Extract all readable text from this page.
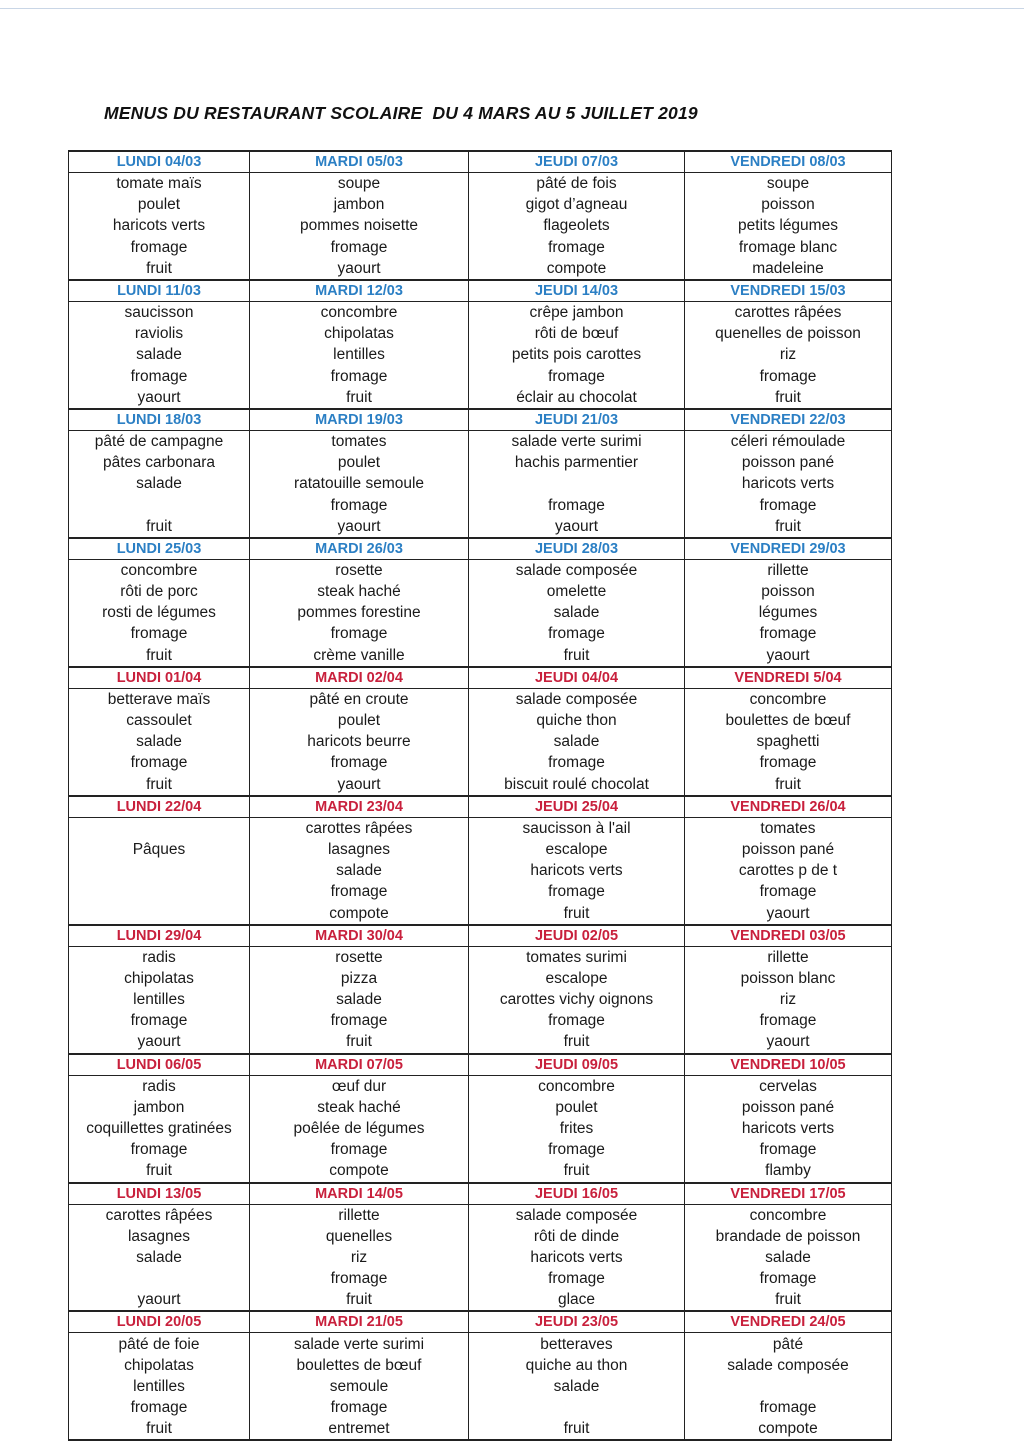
MENUS DU RESTAURANT SCOLAIRE  DU 4 MARS AU 5 JUILLET 2019
LUNDI 04/03	MARDI 05/03	JEUDI 07/03	VENDREDI 08/03
tomate maïs	soupe	pâté de fois	soupe
poulet	jambon	gigot d’agneau	poisson
haricots verts	pommes noisette	flageolets	petits légumes
fromage	fromage	fromage	fromage blanc
fruit	yaourt	compote	madeleine
LUNDI 11/03	MARDI 12/03	JEUDI 14/03	VENDREDI 15/03
saucisson	concombre	crêpe jambon	carottes râpées
raviolis	chipolatas	rôti de bœuf	quenelles de poisson
salade	lentilles	petits pois carottes	riz
fromage	fromage	fromage	fromage
yaourt	fruit	éclair au chocolat	fruit
LUNDI 18/03	MARDI 19/03	JEUDI 21/03	VENDREDI 22/03
pâté de campagne	tomates	salade verte surimi	céleri rémoulade
pâtes carbonara	poulet	hachis parmentier	poisson pané
salade	ratatouille semoule		haricots verts
	fromage	fromage	fromage
fruit	yaourt	yaourt	fruit
LUNDI 25/03	MARDI 26/03	JEUDI 28/03	VENDREDI 29/03
concombre	rosette	salade composée	rillette
rôti de porc	steak haché	omelette	poisson
rosti de légumes	pommes forestine	salade	légumes
fromage	fromage	fromage	fromage
fruit	crème vanille	fruit	yaourt
LUNDI 01/04	MARDI 02/04	JEUDI 04/04	VENDREDI 5/04
betterave maïs	pâté en croute	salade composée	concombre
cassoulet	poulet	quiche thon	boulettes de bœuf
salade	haricots beurre	salade	spaghetti
fromage	fromage	fromage	fromage
fruit	yaourt	biscuit roulé chocolat	fruit
LUNDI 22/04	MARDI 23/04	JEUDI 25/04	VENDREDI 26/04
	carottes râpées	saucisson à l'ail	tomates
Pâques	lasagnes	escalope	poisson pané
	salade	haricots verts	carottes p de t
	fromage	fromage	fromage
	compote	fruit	yaourt
LUNDI 29/04	MARDI 30/04	JEUDI 02/05	VENDREDI 03/05
radis	rosette	tomates surimi	rillette
chipolatas	pizza	escalope	poisson blanc
lentilles	salade	carottes vichy oignons	riz
fromage	fromage	fromage	fromage
yaourt	fruit	fruit	yaourt
LUNDI 06/05	MARDI 07/05	JEUDI 09/05	VENDREDI 10/05
radis	œuf dur	concombre	cervelas
jambon	steak haché	poulet	poisson pané
coquillettes gratinées	poêlée de légumes	frites	haricots verts
fromage	fromage	fromage	fromage
fruit	compote	fruit	flamby
LUNDI 13/05	MARDI 14/05	JEUDI 16/05	VENDREDI 17/05
carottes râpées	rillette	salade composée	concombre
lasagnes	quenelles	rôti de dinde	brandade de poisson
salade	riz	haricots verts	salade
	fromage	fromage	fromage
yaourt	fruit	glace	fruit
LUNDI 20/05	MARDI 21/05	JEUDI 23/05	VENDREDI 24/05
pâté de foie	salade verte surimi	betteraves	pâté
chipolatas	boulettes de bœuf	quiche au thon	salade composée
lentilles	semoule	salade	
fromage	fromage		fromage
fruit	entremet	fruit	compote
